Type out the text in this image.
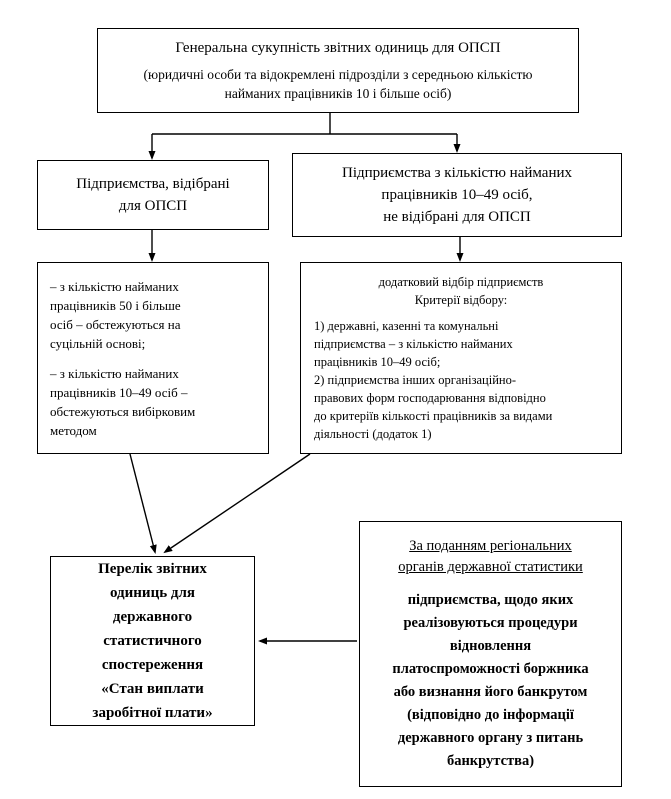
Генеральна сукупність звітних одиниць для ОПСП

(юридичні особи та відокремлені підрозділи з середньою кількістю

найманих працівників 10 і більше осіб)

Підприємства, відібрані

для ОПСП

Підприємства з кількістю найманих

працівників 10–49 осіб,

не відібрані для ОПСП

– з кількістю найманих

працівників 50 і більше

осіб – обстежуються на

суцільній основі;

– з кількістю найманих

працівників 10–49 осіб –

обстежуються вибірковим

методом

додатковий відбір підприємств

Критерії відбору:

1) державні, казенні та комунальні

підприємства – з кількістю найманих

працівників 10–49 осіб;

2) підприємства інших організаційно-

правових форм господарювання відповідно

до критеріїв кількості працівників за видами

діяльності (додаток 1)

Перелік звітних

одиниць для

державного

статистичного

спостереження

«Стан виплати

заробітної плати»

За поданням регіональних

органів державної статистики

підприємства, щодо яких

реалізовуються процедури

відновлення

платоспроможності боржника

або визнання його банкрутом

(відповідно до інформації

державного органу з питань

банкрутства)
